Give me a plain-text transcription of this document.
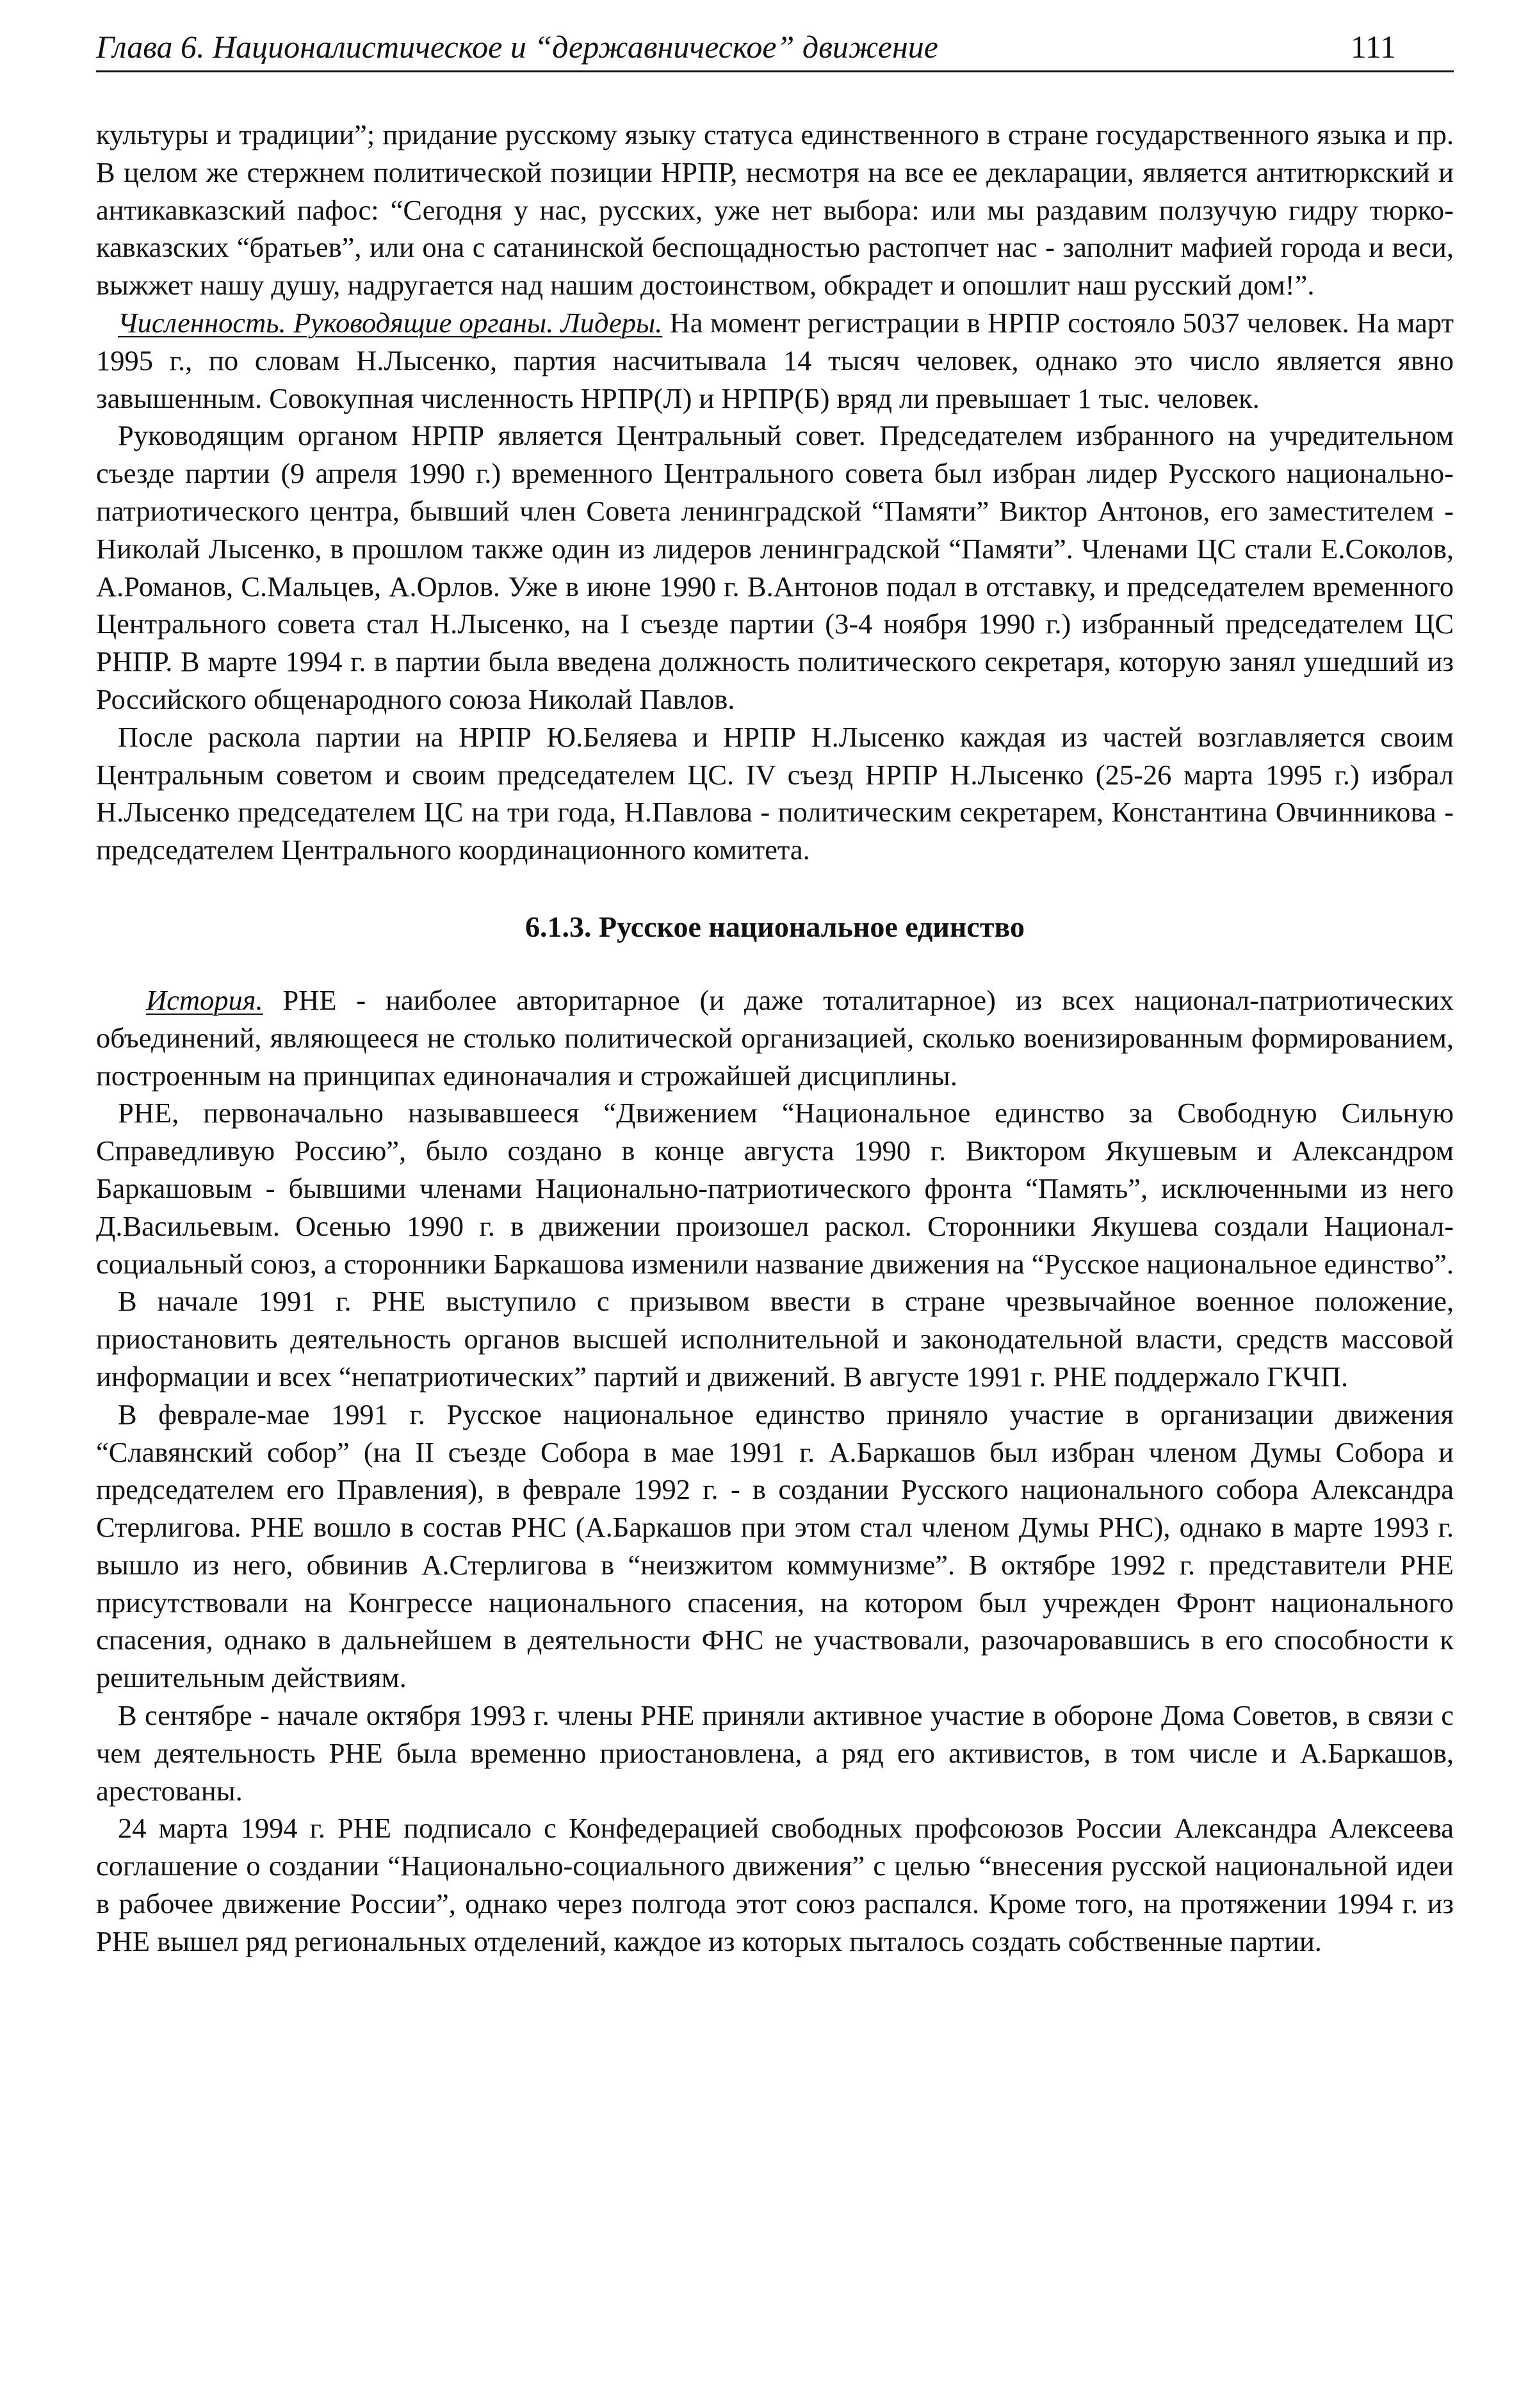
Глава 6. Националистическое и “державническое” движение	111

культуры и традиции”; придание русскому языку статуса единственного в стране государственного языка и пр. В целом же стержнем политической позиции НРПР, несмотря на все ее декларации, является антитюркский и антикавказский пафос: “Сегодня у нас, русских, уже нет выбора: или мы раздавим ползучую гидру тюрко-кавказских “братьев”, или она с сатанинской беспощадностью растопчет нас - заполнит мафией города и веси, выжжет нашу душу, надругается над нашим достоинством, обкрадет и опошлит наш русский дом!”.

Численность. Руководящие органы. Лидеры. На момент регистрации в НРПР состояло 5037 человек. На март 1995 г., по словам Н.Лысенко, партия насчитывала 14 тысяч человек, однако это число является явно завышенным. Совокупная численность НРПР(Л) и НРПР(Б) вряд ли превышает 1 тыс. человек.

Руководящим органом НРПР является Центральный совет. Председателем избранного на учредительном съезде партии (9 апреля 1990 г.) временного Центрального совета был избран лидер Русского национально-патриотического центра, бывший член Совета ленинградской “Памяти” Виктор Антонов, его заместителем - Николай Лысенко, в прошлом также один из лидеров ленинградской “Памяти”. Членами ЦС стали Е.Соколов, А.Романов, С.Мальцев, А.Орлов. Уже в июне 1990 г. В.Антонов подал в отставку, и председателем временного Центрального совета стал Н.Лысенко, на I съезде партии (3-4 ноября 1990 г.) избранный председателем ЦС РНПР. В марте 1994 г. в партии была введена должность политического секретаря, которую занял ушедший из Российского общенародного союза Николай Павлов.

После раскола партии на НРПР Ю.Беляева и НРПР Н.Лысенко каждая из частей возглавляется своим Центральным советом и своим председателем ЦС. IV съезд НРПР Н.Лысенко (25-26 марта 1995 г.) избрал Н.Лысенко председателем ЦС на три года, Н.Павлова - политическим секретарем, Константина Овчинникова - председателем Центрального координационного комитета.

6.1.3. Русское национальное единство

История. РНЕ - наиболее авторитарное (и даже тоталитарное) из всех национал-патриотических объединений, являющееся не столько политической организацией, сколько военизированным формированием, построенным на принципах единоначалия и строжайшей дисциплины.

РНЕ, первоначально называвшееся “Движением “Национальное единство за Свободную Сильную Справедливую Россию”, было создано в конце августа 1990 г. Виктором Якушевым и Александром Баркашовым - бывшими членами Национально-патриотического фронта “Память”, исключенными из него Д.Васильевым. Осенью 1990 г. в движении произошел раскол. Сторонники Якушева создали Национал-социальный союз, а сторонники Баркашова изменили название движения на “Русское национальное единство”.

В начале 1991 г. РНЕ выступило с призывом ввести в стране чрезвычайное военное положение, приостановить деятельность органов высшей исполнительной и законодательной власти, средств массовой информации и всех “непатриотических” партий и движений. В августе 1991 г. РНЕ поддержало ГКЧП.

В феврале-мае 1991 г. Русское национальное единство приняло участие в организации движения “Славянский собор” (на II съезде Собора в мае 1991 г. А.Баркашов был избран членом Думы Собора и председателем его Правления), в феврале 1992 г. - в создании Русского национального собора Александра Стерлигова. РНЕ вошло в состав РНС (А.Баркашов при этом стал членом Думы РНС), однако в марте 1993 г. вышло из него, обвинив А.Стерлигова в “неизжитом коммунизме”. В октябре 1992 г. представители РНЕ присутствовали на Конгрессе национального спасения, на котором был учрежден Фронт национального спасения, однако в дальнейшем в деятельности ФНС не участвовали, разочаровавшись в его способности к решительным действиям.

В сентябре - начале октября 1993 г. члены РНЕ приняли активное участие в обороне Дома Советов, в связи с чем деятельность РНЕ была временно приостановлена, а ряд его активистов, в том числе и А.Баркашов, арестованы.

24 марта 1994 г. РНЕ подписало с Конфедерацией свободных профсоюзов России Александра Алексеева соглашение о создании “Национально-социального движения” с целью “внесения русской национальной идеи в рабочее движение России”, однако через полгода этот союз распался. Кроме того, на протяжении 1994 г. из РНЕ вышел ряд региональных отделений, каждое из которых пыталось создать собственные партии.
